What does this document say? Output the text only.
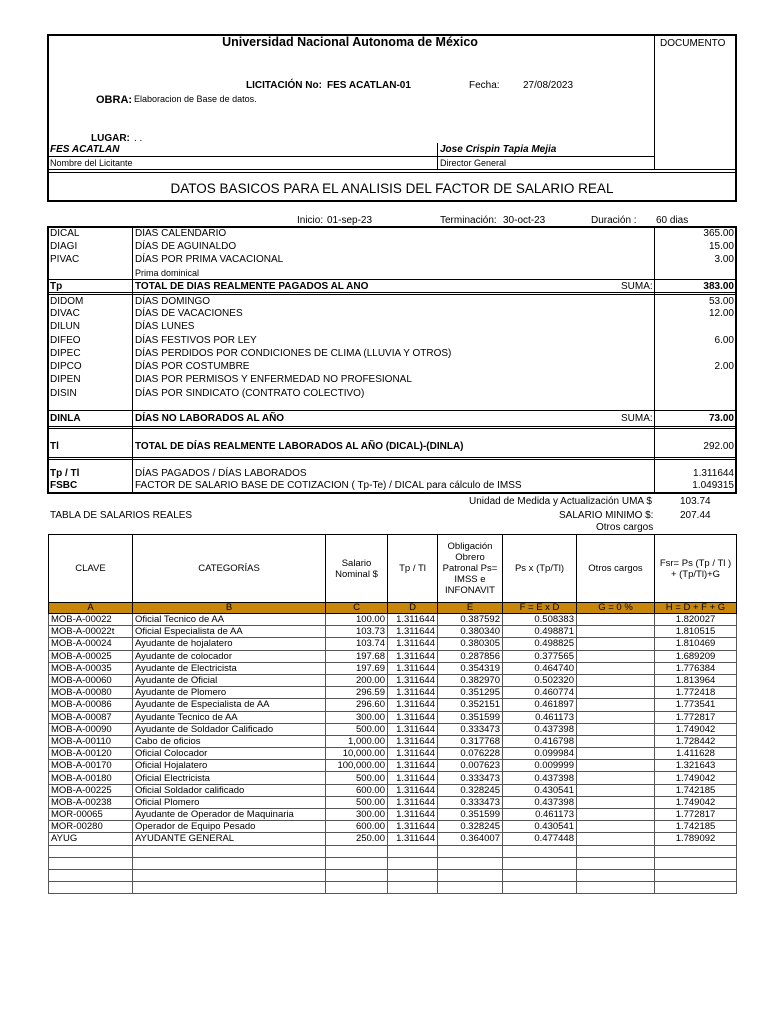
Universidad Nacional Autonoma de México	DOCUMENTO
LICITACIÓN No: FES ACATLAN-01	Fecha: 27/08/2023
OBRA: Elaboracion de Base de datos.
LUGAR: . .
FES ACATLAN
Nombre del Licitante
Jose Crispin Tapia Mejia
Director General
DATOS BASICOS PARA EL ANALISIS DEL FACTOR DE SALARIO REAL
Inicio: 01-sep-23	Terminación: 30-oct-23	Duración : 60 dias
DICAL	DÍAS CALENDARIO	365.00
DIAGI	DÍAS DE AGUINALDO	15.00
PIVAC	DÍAS POR PRIMA VACACIONAL	3.00
Prima dominical
Tp	TOTAL DE DIAS REALMENTE PAGADOS AL ANO	SUMA:	383.00
DIDOM	DÍAS DOMINGO	53.00
DIVAC	DÍAS DE VACACIONES	12.00
DILUN	DÍAS LUNES
DIFEO	DÍAS FESTIVOS POR LEY	6.00
DIPEC	DÍAS PERDIDOS POR CONDICIONES DE CLIMA (LLUVIA Y OTROS)
DIPCO	DÍAS POR COSTUMBRE	2.00
DIPEN	DIAS POR PERMISOS Y ENFERMEDAD NO PROFESIONAL
DISIN	DÍAS POR SINDICATO (CONTRATO COLECTIVO)
DINLA	DÍAS NO LABORADOS AL AÑO	SUMA:	73.00
Tl	TOTAL DE DÍAS REALMENTE LABORADOS AL AÑO (DICAL)-(DINLA)	292.00
Tp / Tl	DÍAS PAGADOS / DÍAS LABORADOS	1.311644
FSBC	FACTOR DE SALARIO BASE DE COTIZACION ( Tp-Te) / DICAL para cálculo de IMSS	1.049315
Unidad de Medida y Actualización UMA $	103.74
TABLA DE SALARIOS REALES	SALARIO MINIMO $:	207.44
Otros cargos
CLAVE	CATEGORÍAS	Salario Nominal $	Tp / Tl	Obligación Obrero Patronal Ps= IMSS e INFONAVIT	Ps x (Tp/Tl)	Otros cargos	Fsr= Ps (Tp / Tl ) + (Tp/Tl)+G
A	B	C	D	E	F = E x D	G = 0 %	H = D + F + G
MOB-A-00022	Oficial Tecnico de AA	100.00	1.311644	0.387592	0.508383		1.820027
MOB-A-00022t	Oficial Especialista de AA	103.73	1.311644	0.380340	0.498871		1.810515
MOB-A-00024	Ayudante de hojalatero	103.74	1.311644	0.380305	0.498825		1.810469
MOB-A-00025	Ayudante de colocador	197.68	1.311644	0.287856	0.377565		1.689209
MOB-A-00035	Ayudante de Electricista	197.69	1.311644	0.354319	0.464740		1.776384
MOB-A-00060	Ayudante de Oficial	200.00	1.311644	0.382970	0.502320		1.813964
MOB-A-00080	Ayudante de Plomero	296.59	1.311644	0.351295	0.460774		1.772418
MOB-A-00086	Ayudante de Especialista de AA	296.60	1.311644	0.352151	0.461897		1.773541
MOB-A-00087	Ayudante Tecnico de AA	300.00	1.311644	0.351599	0.461173		1.772817
MOB-A-00090	Ayudante de Soldador Calificado	500.00	1.311644	0.333473	0.437398		1.749042
MOB-A-00110	Cabo de oficios	1,000.00	1.311644	0.317768	0.416798		1.728442
MOB-A-00120	Oficial Colocador	10,000.00	1.311644	0.076228	0.099984		1.411628
MOB-A-00170	Oficial Hojalatero	100,000.00	1.311644	0.007623	0.009999		1.321643
MOB-A-00180	Oficial Electricista	500.00	1.311644	0.333473	0.437398		1.749042
MOB-A-00225	Oficial Soldador calificado	600.00	1.311644	0.328245	0.430541		1.742185
MOB-A-00238	Oficial Plomero	500.00	1.311644	0.333473	0.437398		1.749042
MOR-00065	Ayudante de Operador de Maquinaria	300.00	1.311644	0.351599	0.461173		1.772817
MOR-00280	Operador de Equipo Pesado	600.00	1.311644	0.328245	0.430541		1.742185
AYUG	AYUDANTE GENERAL	250.00	1.311644	0.364007	0.477448		1.789092
